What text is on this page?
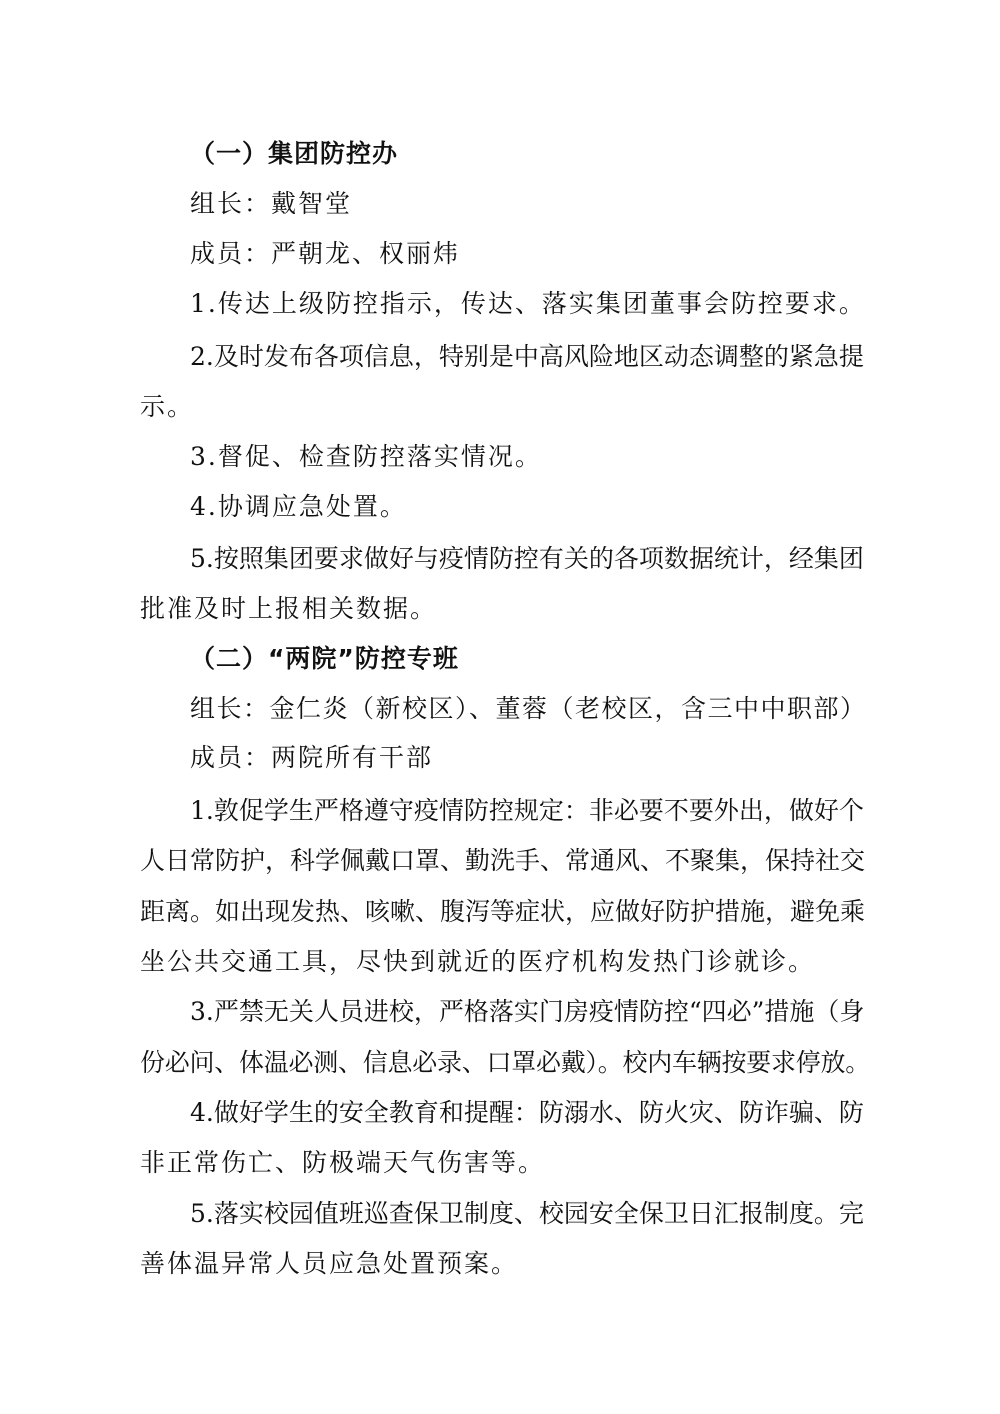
（一）集团防控办
组长：戴智堂
成员：严朝龙、权丽炜
1.传达上级防控指示，传达、落实集团董事会防控要求。
2.及时发布各项信息，特别是中高风险地区动态调整的紧急提
示。
3.督促、检查防控落实情况。
4.协调应急处置。
5.按照集团要求做好与疫情防控有关的各项数据统计，经集团
批准及时上报相关数据。
（二）“两院”防控专班
组长：金仁炎（新校区）、董蓉（老校区，含三中中职部）
成员：两院所有干部
1.敦促学生严格遵守疫情防控规定：非必要不要外出，做好个
人日常防护，科学佩戴口罩、勤洗手、常通风、不聚集，保持社交
距离。如出现发热、咳嗽、腹泻等症状，应做好防护措施，避免乘
坐公共交通工具，尽快到就近的医疗机构发热门诊就诊。
3.严禁无关人员进校，严格落实门房疫情防控“四必”措施（身
份必问、体温必测、信息必录、口罩必戴）。校内车辆按要求停放。
4.做好学生的安全教育和提醒：防溺水、防火灾、防诈骗、防
非正常伤亡、防极端天气伤害等。
5.落实校园值班巡查保卫制度、校园安全保卫日汇报制度。完
善体温异常人员应急处置预案。
